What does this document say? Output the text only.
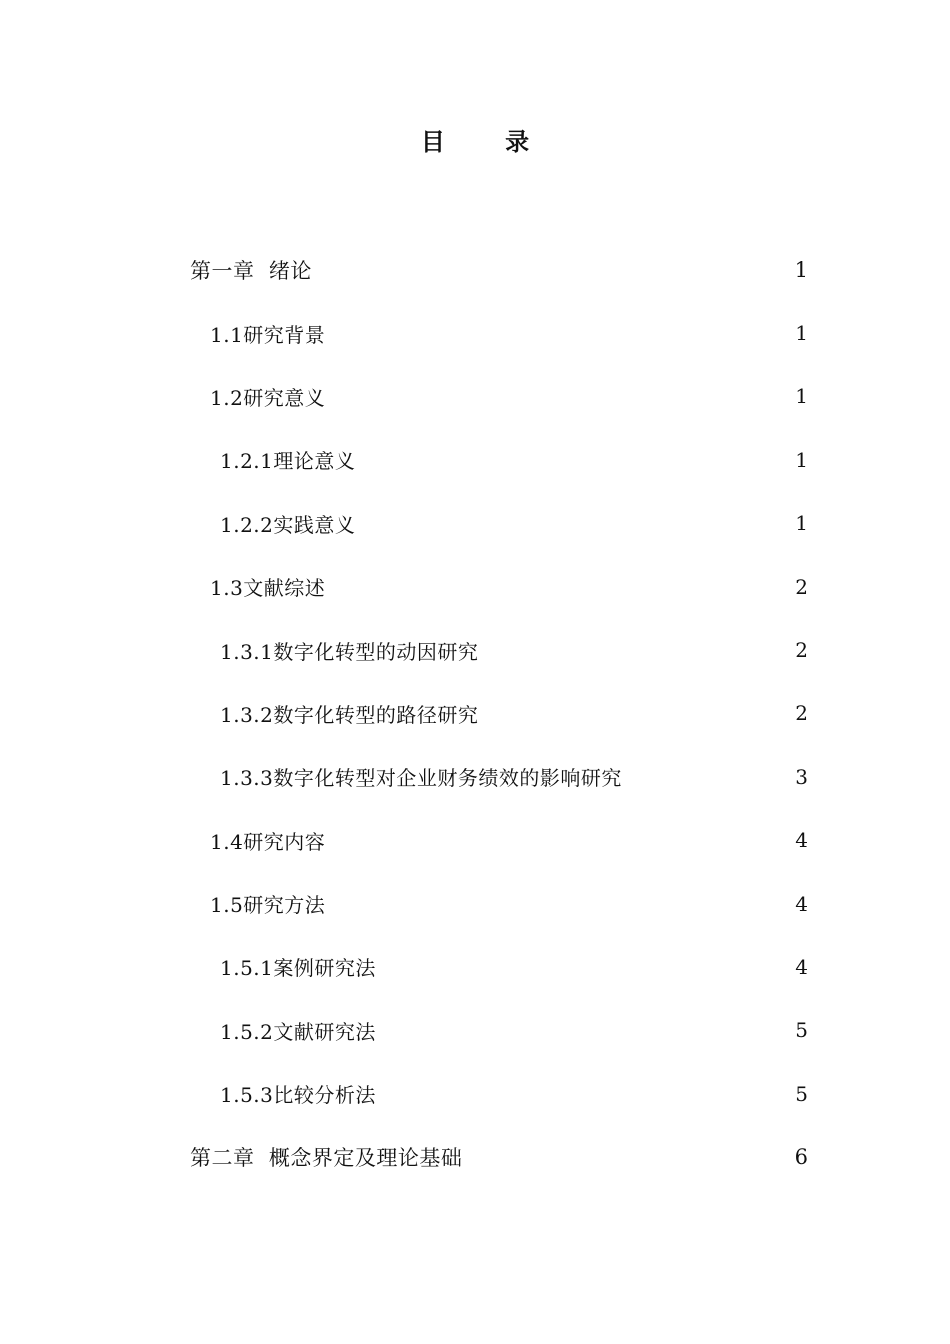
目 录
第一章  绪论	1
1.1研究背景	1
1.2研究意义	1
1.2.1理论意义	1
1.2.2实践意义	1
1.3文献综述	2
1.3.1数字化转型的动因研究	2
1.3.2数字化转型的路径研究	2
1.3.3数字化转型对企业财务绩效的影响研究	3
1.4研究内容	4
1.5研究方法	4
1.5.1案例研究法	4
1.5.2文献研究法	5
1.5.3比较分析法	5
第二章  概念界定及理论基础	6
